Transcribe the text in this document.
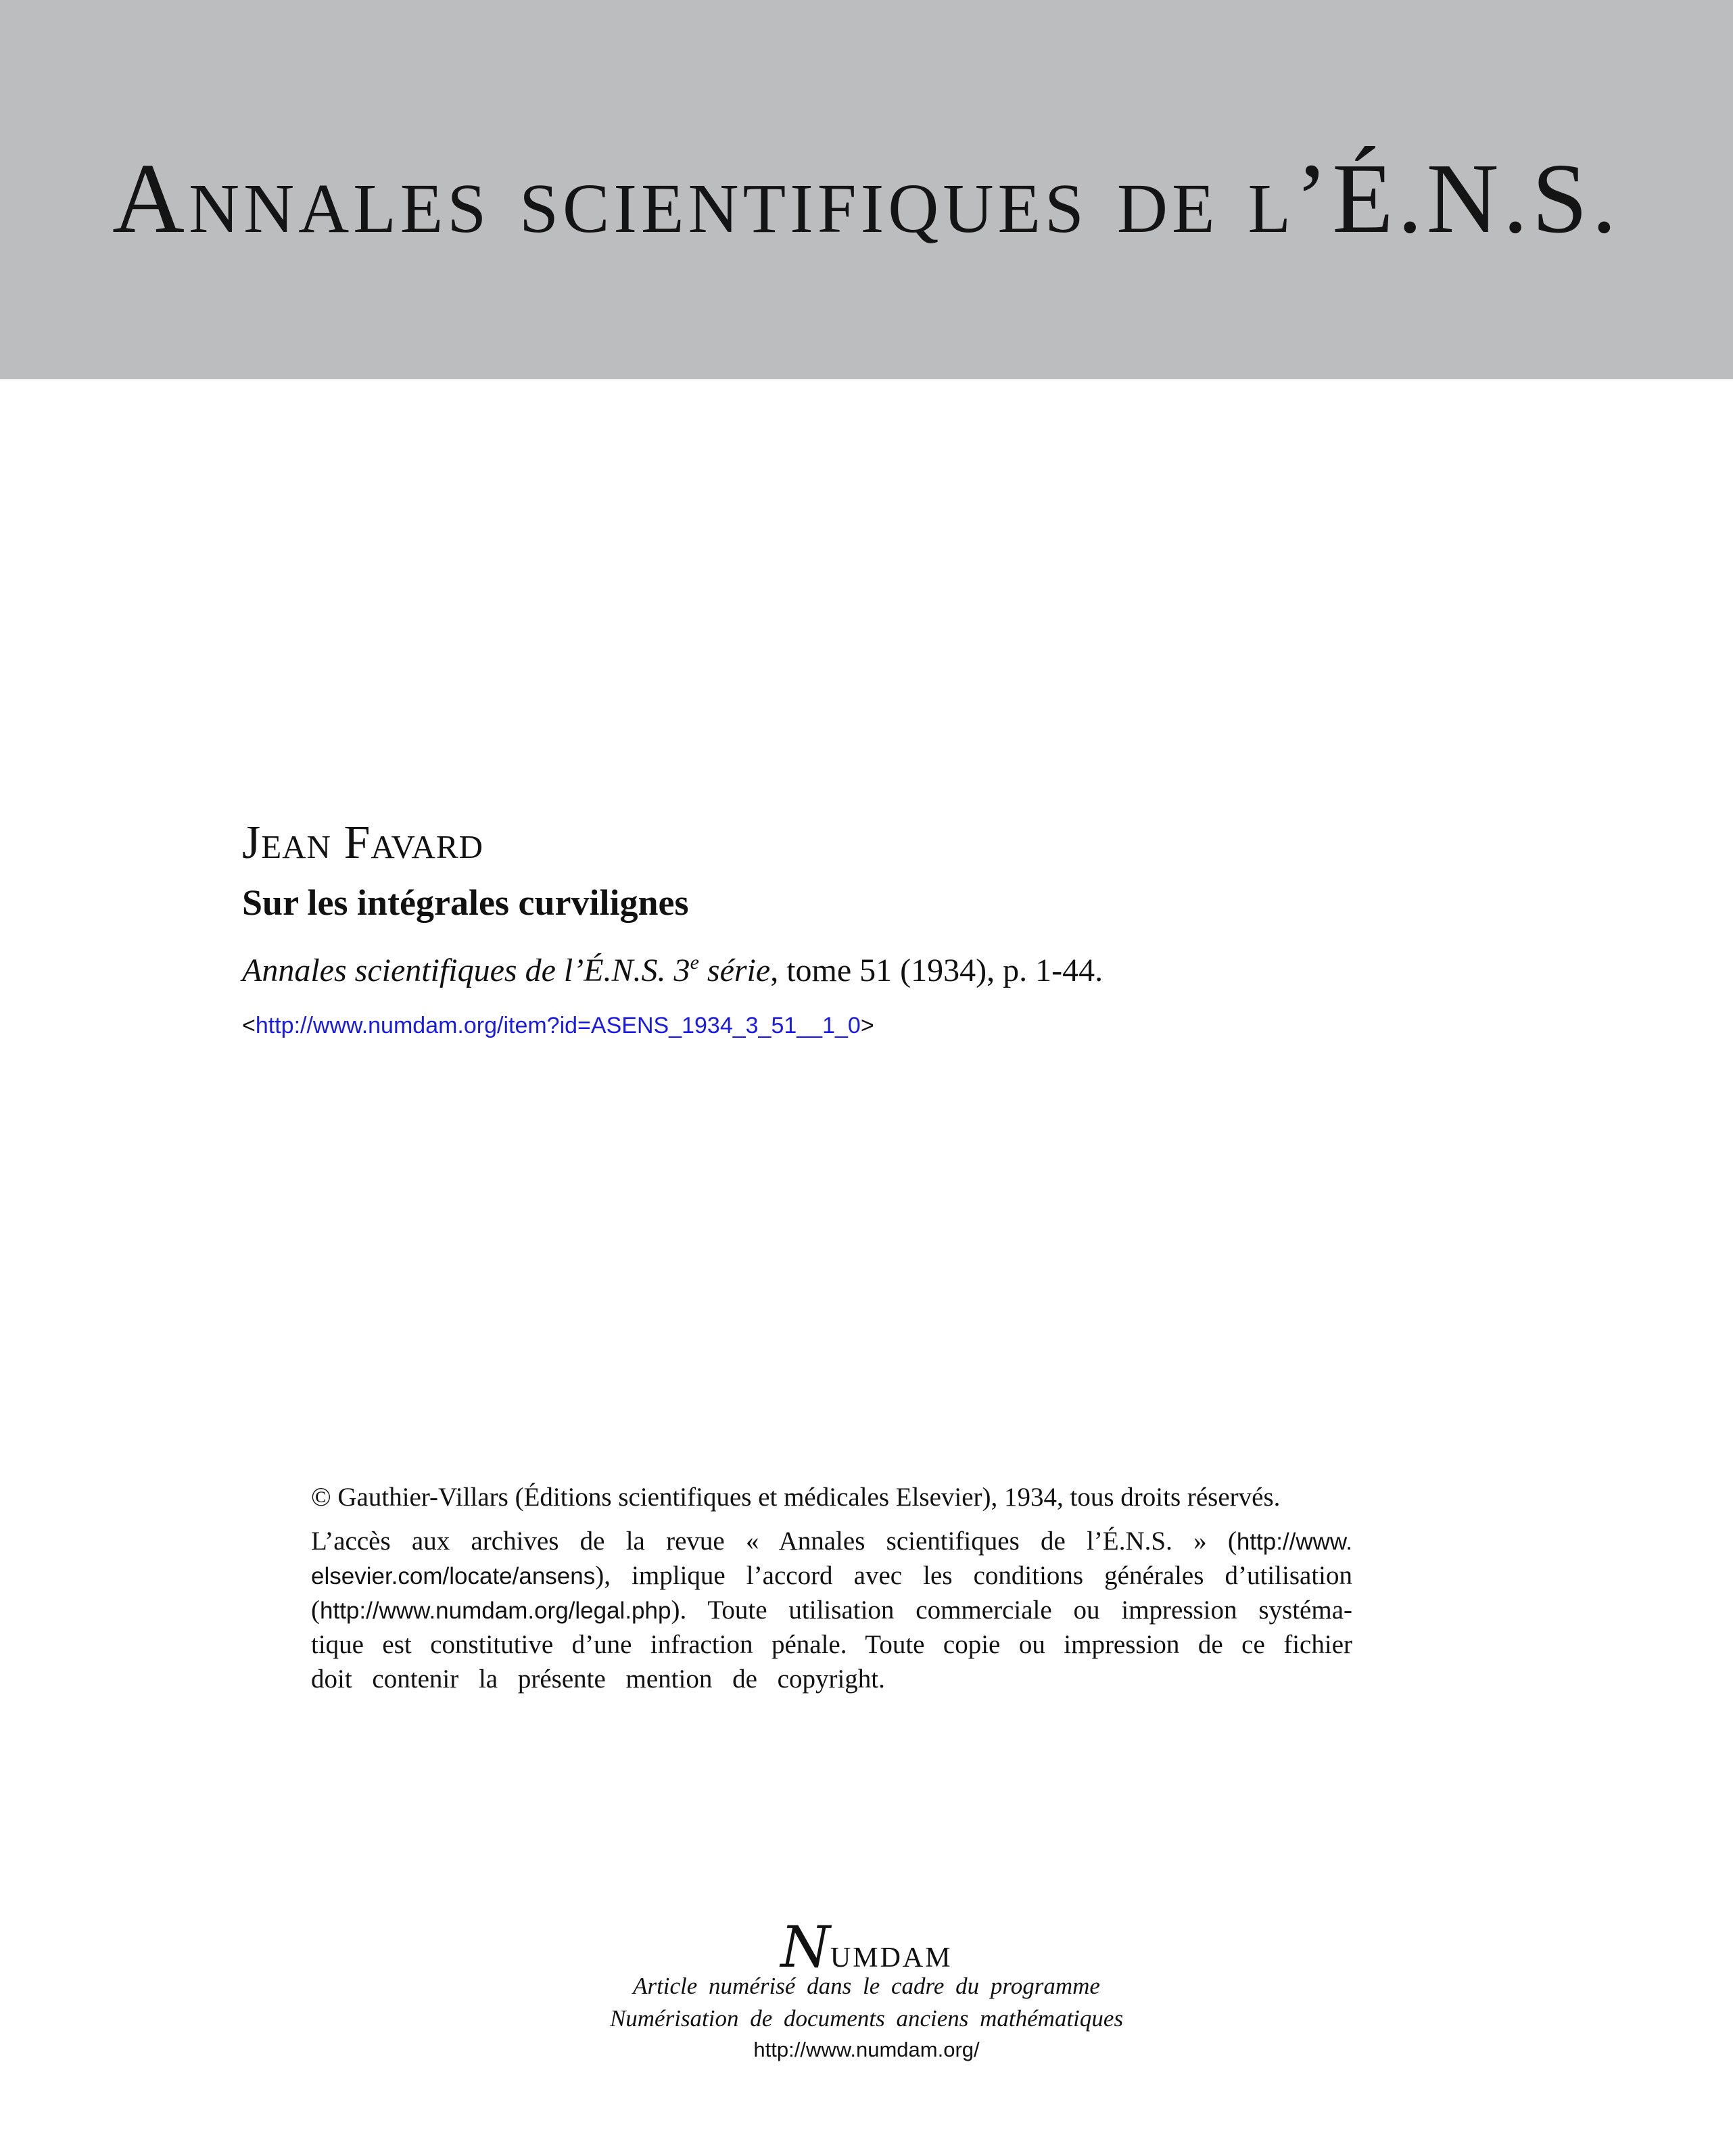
Annales scientifiques de l’É.N.S.
Jean Favard
Sur les intégrales curvilignes
Annales scientifiques de l’É.N.S. 3e série, tome 51 (1934), p. 1-44.
<http://www.numdam.org/item?id=ASENS_1934_3_51__1_0>
© Gauthier-Villars (Éditions scientifiques et médicales Elsevier), 1934, tous droits réservés.
L’accès aux archives de la revue « Annales scientifiques de l’É.N.S. » (http://www.
elsevier.com/locate/ansens), implique l’accord avec les conditions générales d’utilisation
(http://www.numdam.org/legal.php). Toute utilisation commerciale ou impression systéma-
tique est constitutive d’une infraction pénale. Toute copie ou impression de ce fichier
doit contenir la présente mention de copyright.
Numdam
Article numérisé dans le cadre du programme
Numérisation de documents anciens mathématiques
http://www.numdam.org/
